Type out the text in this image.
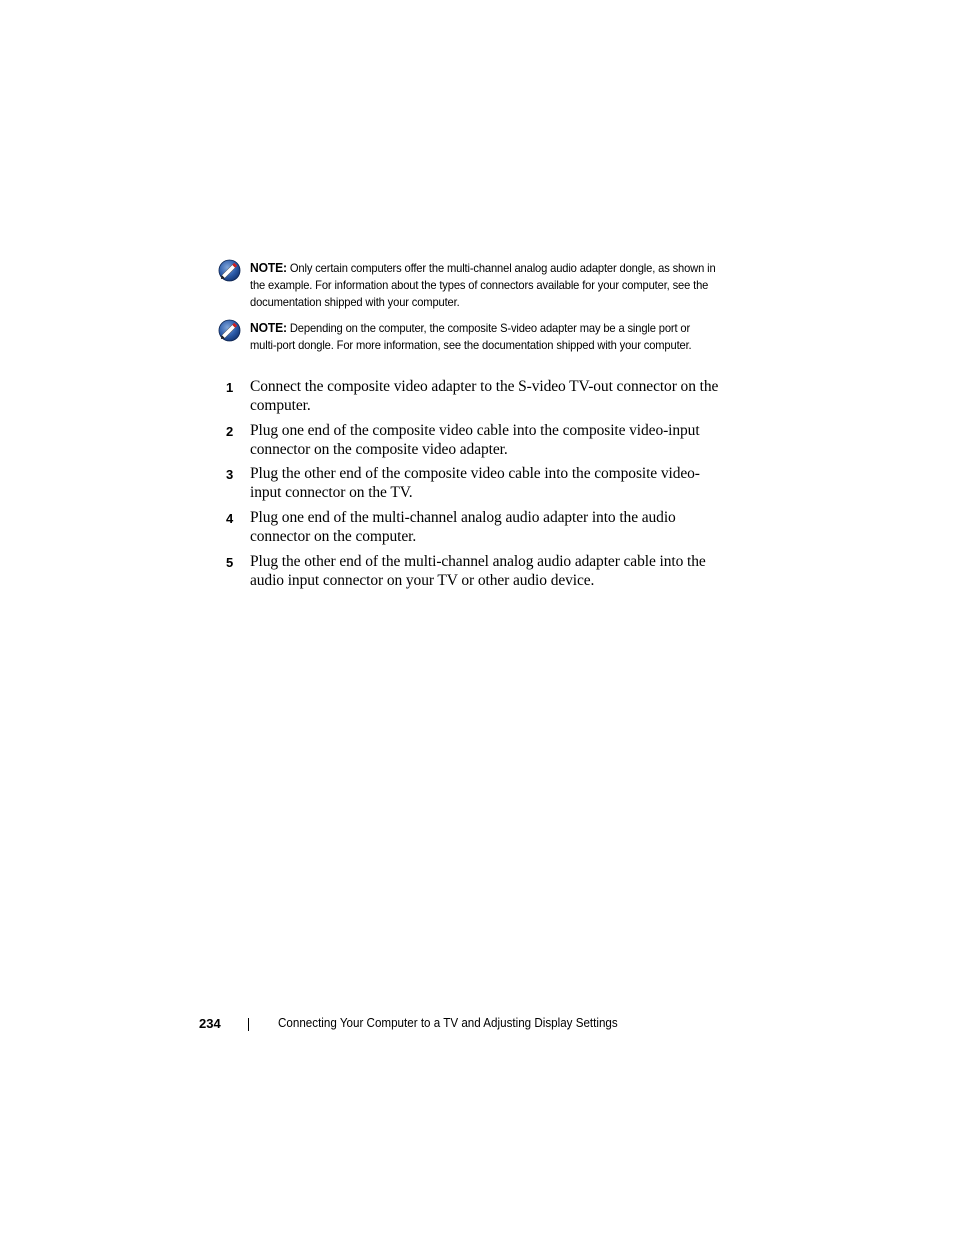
NOTE: Only certain computers offer the multi-channel analog audio adapter dongle, as shown in the example. For information about the types of connectors available for your computer, see the documentation shipped with your computer.
NOTE: Depending on the computer, the composite S-video adapter may be a single port or multi-port dongle. For more information, see the documentation shipped with your computer.
1 Connect the composite video adapter to the S-video TV-out connector on the computer.
2 Plug one end of the composite video cable into the composite video-input connector on the composite video adapter.
3 Plug the other end of the composite video cable into the composite video-input connector on the TV.
4 Plug one end of the multi-channel analog audio adapter into the audio connector on the computer.
5 Plug the other end of the multi-channel analog audio adapter cable into the audio input connector on your TV or other audio device.
234	Connecting Your Computer to a TV and Adjusting Display Settings
